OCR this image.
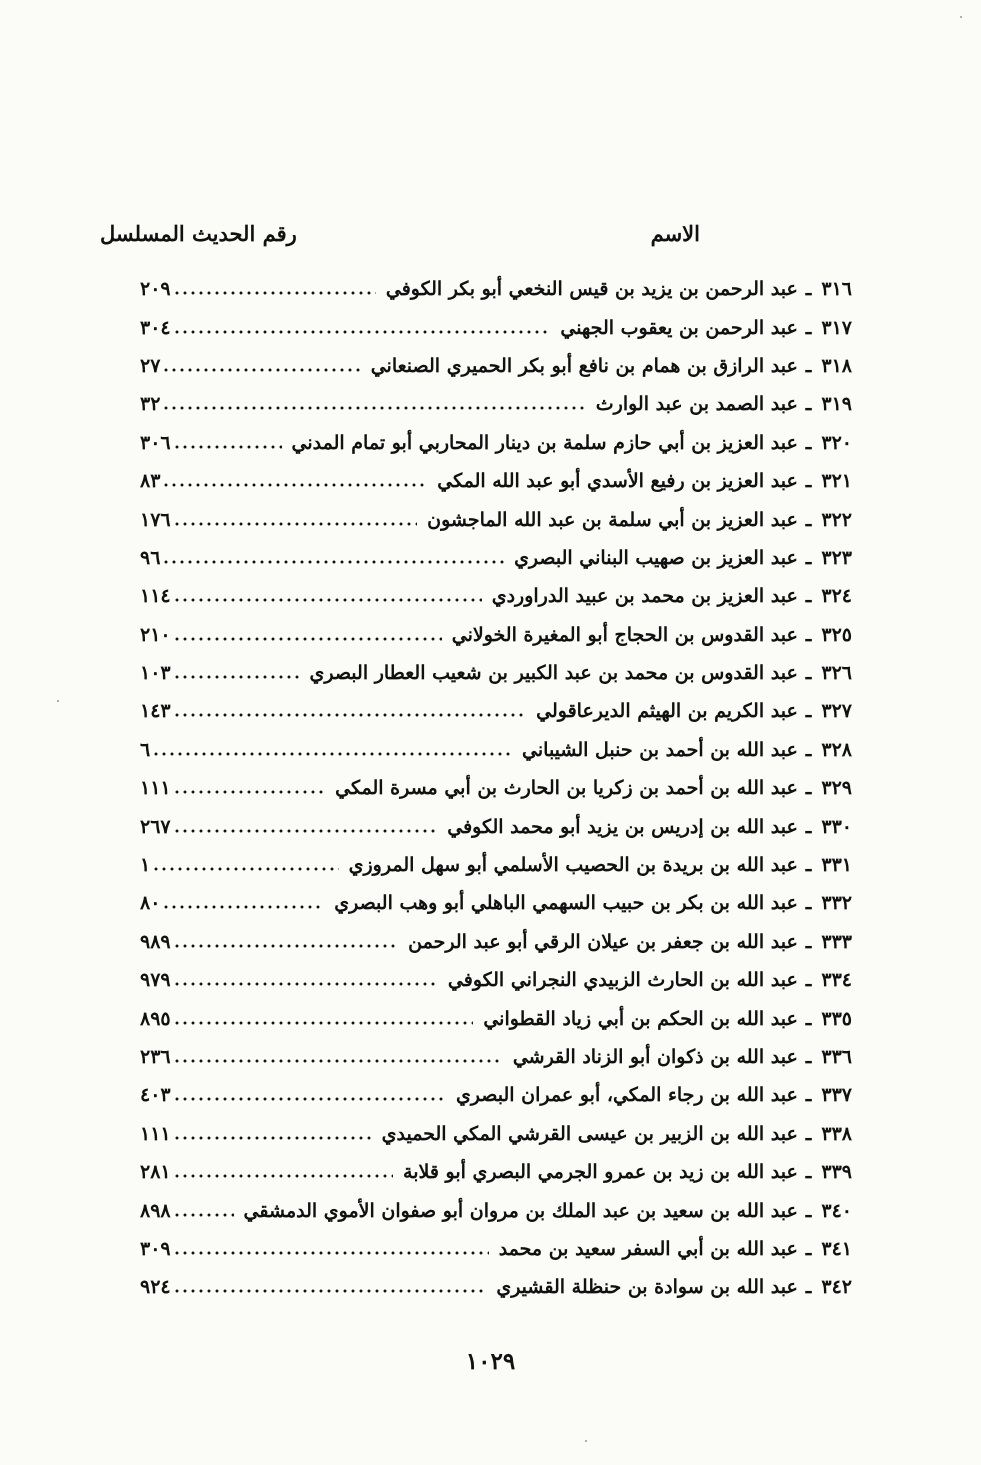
الاسم
رقم الحديث المسلسل
٣١٦
ـ
عبد الرحمن بن يزيد بن قيس النخعي أبو بكر الكوفي
٢٠٩
٣١٧
ـ
عبد الرحمن بن يعقوب الجهني
٣٠٤
٣١٨
ـ
عبد الرازق بن همام بن نافع أبو بكر الحميري الصنعاني
٢٧
٣١٩
ـ
عبد الصمد بن عبد الوارث
٣٢
٣٢٠
ـ
عبد العزيز بن أبي حازم سلمة بن دينار المحاربي أبو تمام المدني
٣٠٦
٣٢١
ـ
عبد العزيز بن رفيع الأسدي أبو عبد الله المكي
٨٣
٣٢٢
ـ
عبد العزيز بن أبي سلمة بن عبد الله الماجشون
١٧٦
٣٢٣
ـ
عبد العزيز بن صهيب البناني البصري
٩٦
٣٢٤
ـ
عبد العزيز بن محمد بن عبيد الدراوردي
١١٤
٣٢٥
ـ
عبد القدوس بن الحجاج أبو المغيرة الخولاني
٢١٠
٣٢٦
ـ
عبد القدوس بن محمد بن عبد الكبير بن شعيب العطار البصري
١٠٣
٣٢٧
ـ
عبد الكريم بن الهيثم الديرعاقولي
١٤٣
٣٢٨
ـ
عبد الله بن أحمد بن حنبل الشيباني
٦
٣٢٩
ـ
عبد الله بن أحمد بن زكريا بن الحارث بن أبي مسرة المكي
١١١
٣٣٠
ـ
عبد الله بن إدريس بن يزيد أبو محمد الكوفي
٢٦٧
٣٣١
ـ
عبد الله بن بريدة بن الحصيب الأسلمي أبو سهل المروزي
١
٣٣٢
ـ
عبد الله بن بكر بن حبيب السهمي الباهلي أبو وهب البصري
٨٠
٣٣٣
ـ
عبد الله بن جعفر بن عيلان الرقي أبو عبد الرحمن
٩٨٩
٣٣٤
ـ
عبد الله بن الحارث الزبيدي النجراني الكوفي
٩٧٩
٣٣٥
ـ
عبد الله بن الحكم بن أبي زياد القطواني
٨٩٥
٣٣٦
ـ
عبد الله بن ذكوان أبو الزناد القرشي
٢٣٦
٣٣٧
ـ
عبد الله بن رجاء المكي، أبو عمران البصري
٤٠٣
٣٣٨
ـ
عبد الله بن الزبير بن عيسى القرشي المكي الحميدي
١١١
٣٣٩
ـ
عبد الله بن زيد بن عمرو الجرمي البصري أبو قلابة
٢٨١
٣٤٠
ـ
عبد الله بن سعيد بن عبد الملك بن مروان أبو صفوان الأموي الدمشقي
٨٩٨
٣٤١
ـ
عبد الله بن أبي السفر سعيد بن محمد
٣٠٩
٣٤٢
ـ
عبد الله بن سوادة بن حنظلة القشيري
٩٢٤
١٠٢٩
